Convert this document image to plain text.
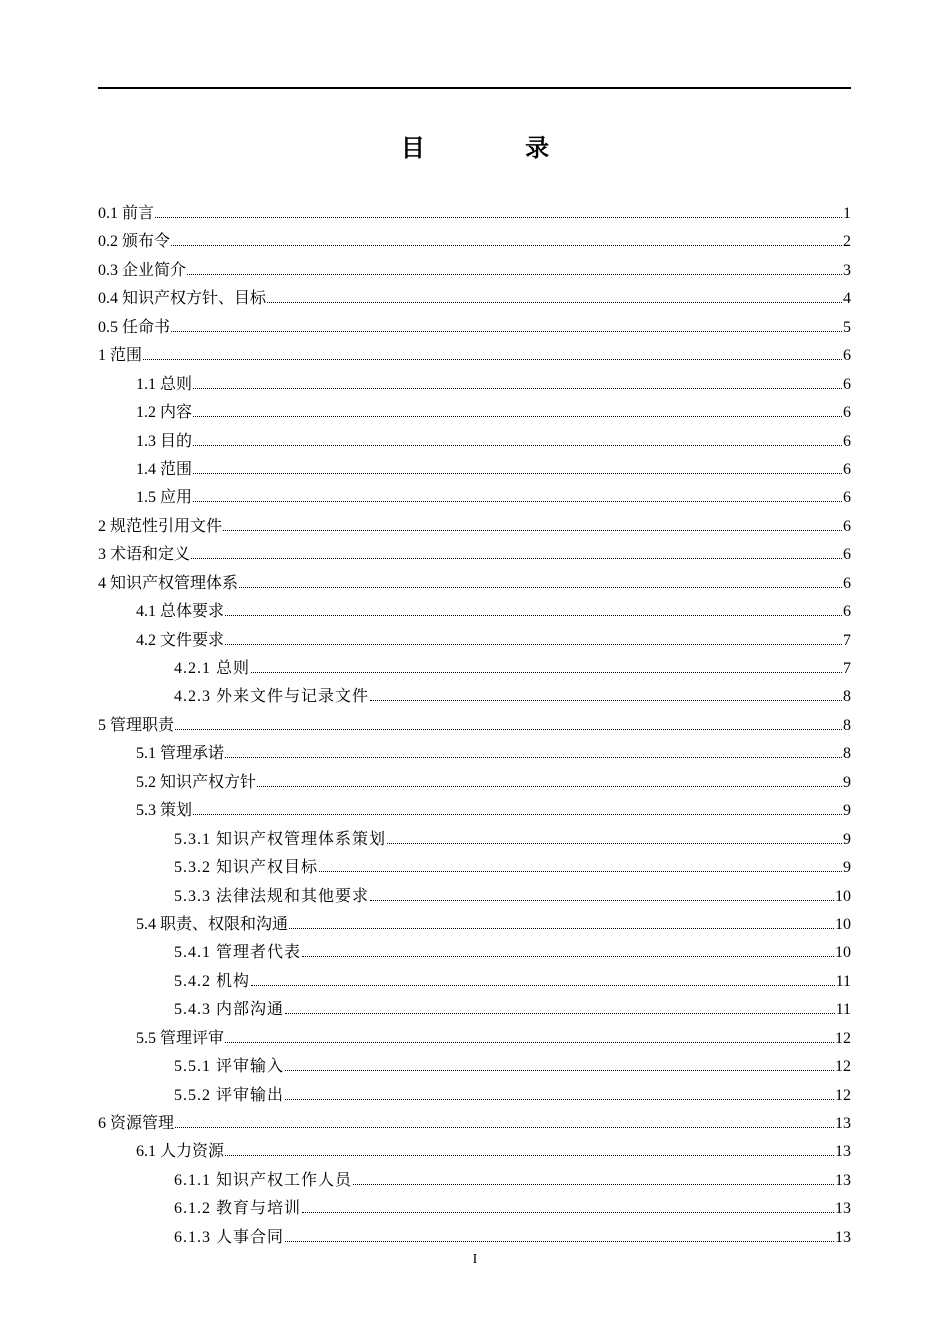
目 录
0.1 前言	1
0.2 颁布令	2
0.3 企业简介	3
0.4 知识产权方针、目标	4
0.5 任命书	5
1 范围	6
1.1 总则	6
1.2 内容	6
1.3 目的	6
1.4 范围	6
1.5 应用	6
2 规范性引用文件	6
3 术语和定义	6
4 知识产权管理体系	6
4.1 总体要求	6
4.2 文件要求	7
4.2.1 总则	7
4.2.3 外来文件与记录文件	8
5 管理职责	8
5.1 管理承诺	8
5.2 知识产权方针	9
5.3 策划	9
5.3.1 知识产权管理体系策划	9
5.3.2 知识产权目标	9
5.3.3 法律法规和其他要求	10
5.4 职责、权限和沟通	10
5.4.1 管理者代表	10
5.4.2 机构	11
5.4.3 内部沟通	11
5.5 管理评审	12
5.5.1 评审输入	12
5.5.2 评审输出	12
6 资源管理	13
6.1 人力资源	13
6.1.1 知识产权工作人员	13
6.1.2 教育与培训	13
6.1.3 人事合同	13
I
